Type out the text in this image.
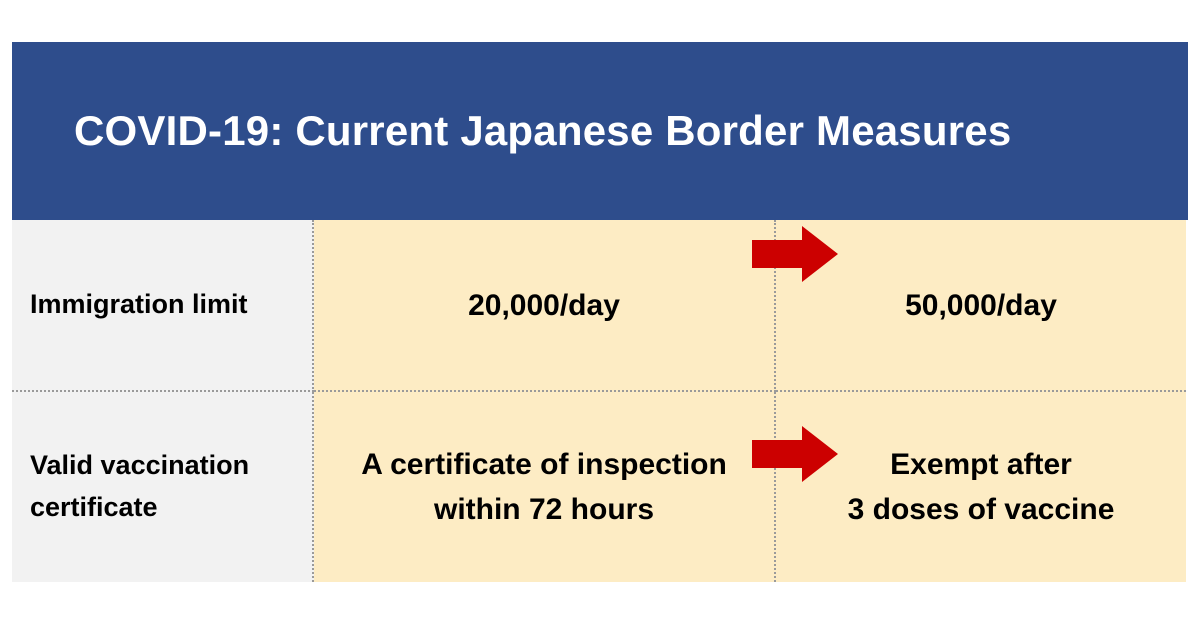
COVID-19: Current Japanese Border Measures
Immigration limit	20,000/day	50,000/day
Valid vaccination
certificate
A certificate of inspection
within 72 hours
Exempt after
3 doses of vaccine
